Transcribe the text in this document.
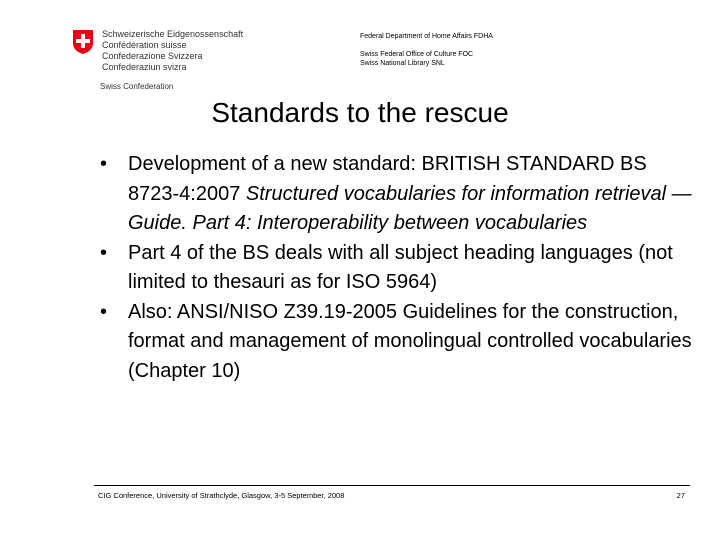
Schweizerische Eidgenossenschaft
Confédération suisse
Confederazione Svizzera
Confederaziun svizra
Swiss Confederation
Federal Department of Home Affairs FDHA
Swiss Federal Office of Culture FOC
Swiss National Library SNL
Standards to the rescue
• Development of a new standard: BRITISH STANDARD BS 8723-4:2007 Structured vocabularies for information retrieval — Guide. Part 4: Interoperability between vocabularies
• Part 4 of the BS deals with all subject heading languages (not limited to thesauri as for ISO 5964)
• Also: ANSI/NISO Z39.19-2005 Guidelines for the construction, format and management of monolingual controlled vocabularies (Chapter 10)
CIG Conference, University of Strathclyde, Glasgow, 3-5 September, 2008	27
